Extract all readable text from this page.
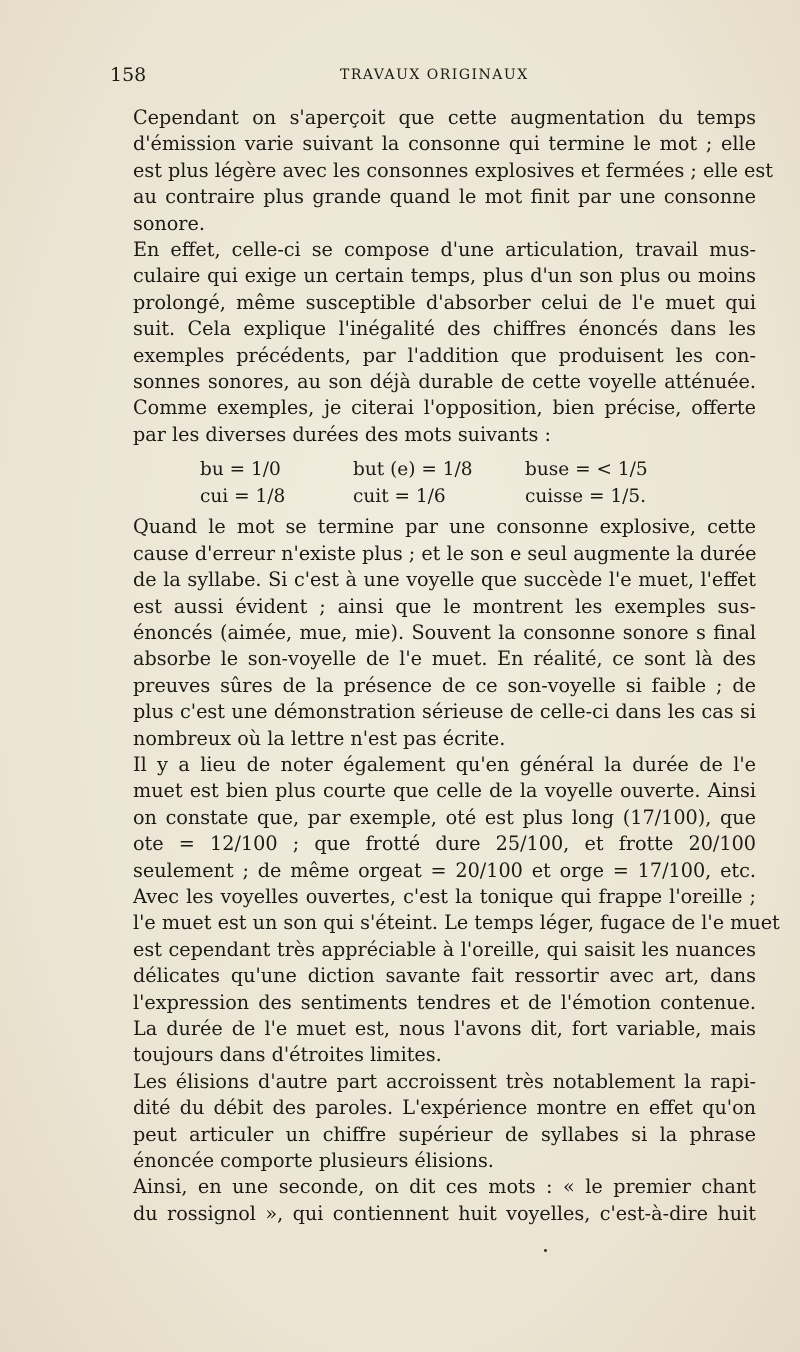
158	TRAVAUX ORIGINAUX

Cependant on s'aperçoit que cette augmentation du temps
d'émission varie suivant la consonne qui termine le mot ; elle
est plus légère avec les consonnes explosives et fermées ; elle est
au contraire plus grande quand le mot finit par une consonne
sonore.

En effet, celle-ci se compose d'une articulation, travail mus-
culaire qui exige un certain temps, plus d'un son plus ou moins
prolongé, même susceptible d'absorber celui de l'e muet qui
suit. Cela explique l'inégalité des chiffres énoncés dans les
exemples précédents, par l'addition que produisent les con-
sonnes sonores, au son déjà durable de cette voyelle atténuée.

Comme exemples, je citerai l'opposition, bien précise, offerte
par les diverses durées des mots suivants :

bu = 1/0	but (e) = 1/8	buse = < 1/5
cui = 1/8	cuit = 1/6	cuisse = 1/5.

Quand le mot se termine par une consonne explosive, cette
cause d'erreur n'existe plus ; et le son e seul augmente la durée
de la syllabe. Si c'est à une voyelle que succède l'e muet, l'effet
est aussi évident ; ainsi que le montrent les exemples sus-
énoncés (aimée, mue, mie). Souvent la consonne sonore s final
absorbe le son-voyelle de l'e muet. En réalité, ce sont là des
preuves sûres de la présence de ce son-voyelle si faible ; de
plus c'est une démonstration sérieuse de celle-ci dans les cas si
nombreux où la lettre n'est pas écrite.

Il y a lieu de noter également qu'en général la durée de l'e
muet est bien plus courte que celle de la voyelle ouverte. Ainsi
on constate que, par exemple, oté est plus long (17/100), que
ote = 12/100 ; que frotté dure 25/100, et frotte 20/100
seulement ; de même orgeat = 20/100 et orge = 17/100, etc.
Avec les voyelles ouvertes, c'est la tonique qui frappe l'oreille ;
l'e muet est un son qui s'éteint. Le temps léger, fugace de l'e muet
est cependant très appréciable à l'oreille, qui saisit les nuances
délicates qu'une diction savante fait ressortir avec art, dans
l'expression des sentiments tendres et de l'émotion contenue.

La durée de l'e muet est, nous l'avons dit, fort variable, mais
toujours dans d'étroites limites.

Les élisions d'autre part accroissent très notablement la rapi-
dité du débit des paroles. L'expérience montre en effet qu'on
peut articuler un chiffre supérieur de syllabes si la phrase
énoncée comporte plusieurs élisions.

Ainsi, en une seconde, on dit ces mots : « le premier chant
du rossignol », qui contiennent huit voyelles, c'est-à-dire huit
